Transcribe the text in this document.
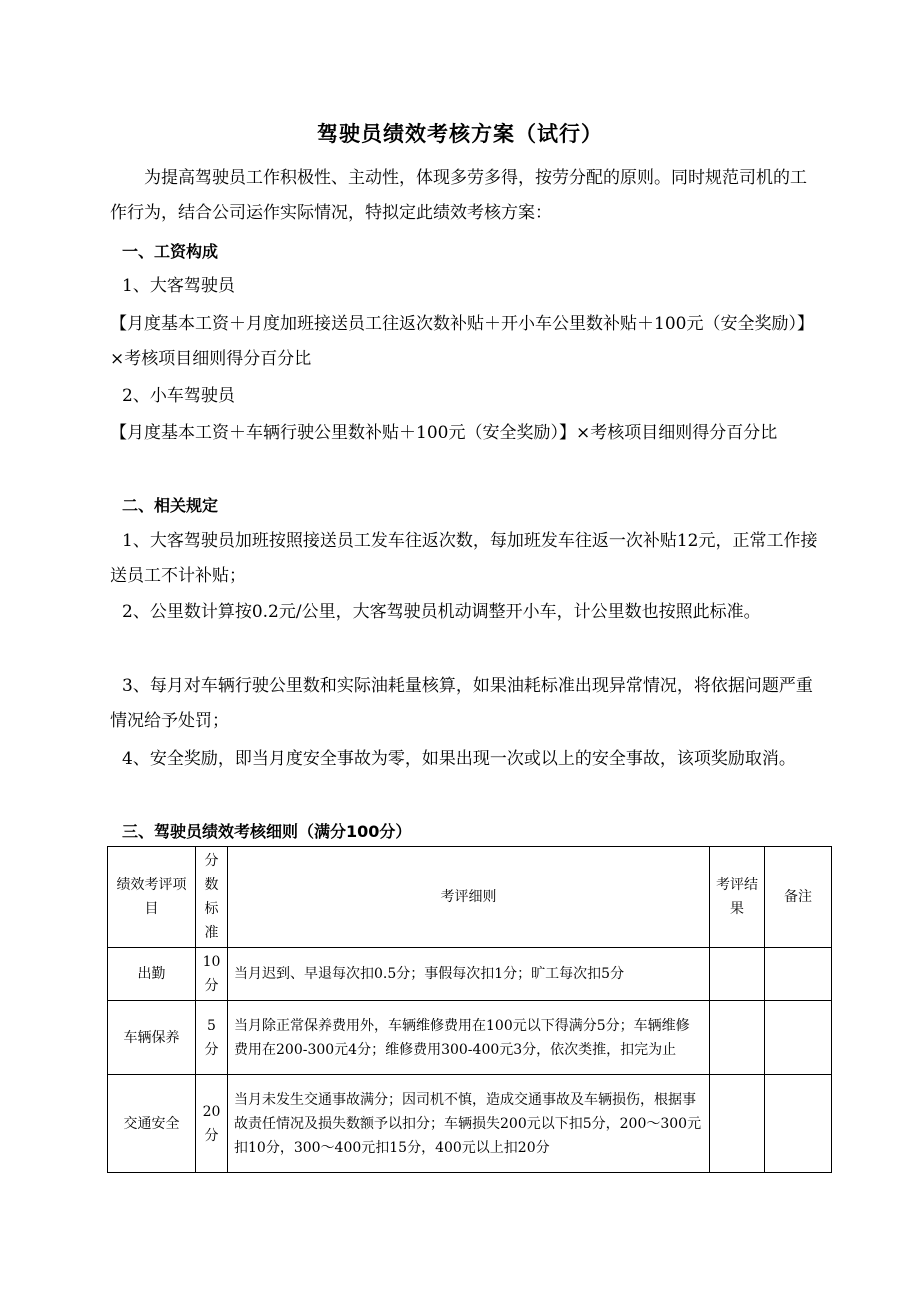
驾驶员绩效考核方案（试行）

为提高驾驶员工作积极性、主动性，体现多劳多得，按劳分配的原则。同时规范司机的工作行为，结合公司运作实际情况，特拟定此绩效考核方案：

一、工资构成

1、大客驾驶员

【月度基本工资＋月度加班接送员工往返次数补贴＋开小车公里数补贴＋100元（安全奖励）】×考核项目细则得分百分比

2、小车驾驶员

【月度基本工资＋车辆行驶公里数补贴＋100元（安全奖励）】×考核项目细则得分百分比

二、相关规定

1、大客驾驶员加班按照接送员工发车往返次数，每加班发车往返一次补贴12元，正常工作接送员工不计补贴；

2、公里数计算按0.2元/公里，大客驾驶员机动调整开小车，计公里数也按照此标准。

3、每月对车辆行驶公里数和实际油耗量核算，如果油耗标准出现异常情况，将依据问题严重情况给予处罚；

4、安全奖励，即当月度安全事故为零，如果出现一次或以上的安全事故，该项奖励取消。

三、驾驶员绩效考核细则（满分100分）

绩效考评项目	分数标准	考评细则	考评结果	备注
出勤	10分	当月迟到、早退每次扣0.5分；事假每次扣1分；旷工每次扣5分		
车辆保养	5分	当月除正常保养费用外，车辆维修费用在100元以下得满分5分；车辆维修费用在200-300元4分；维修费用300-400元3分，依次类推，扣完为止		
交通安全	20分	当月未发生交通事故满分；因司机不慎，造成交通事故及车辆损伤，根据事故责任情况及损失数额予以扣分；车辆损失200元以下扣5分，200～300元扣10分，300～400元扣15分，400元以上扣20分		
